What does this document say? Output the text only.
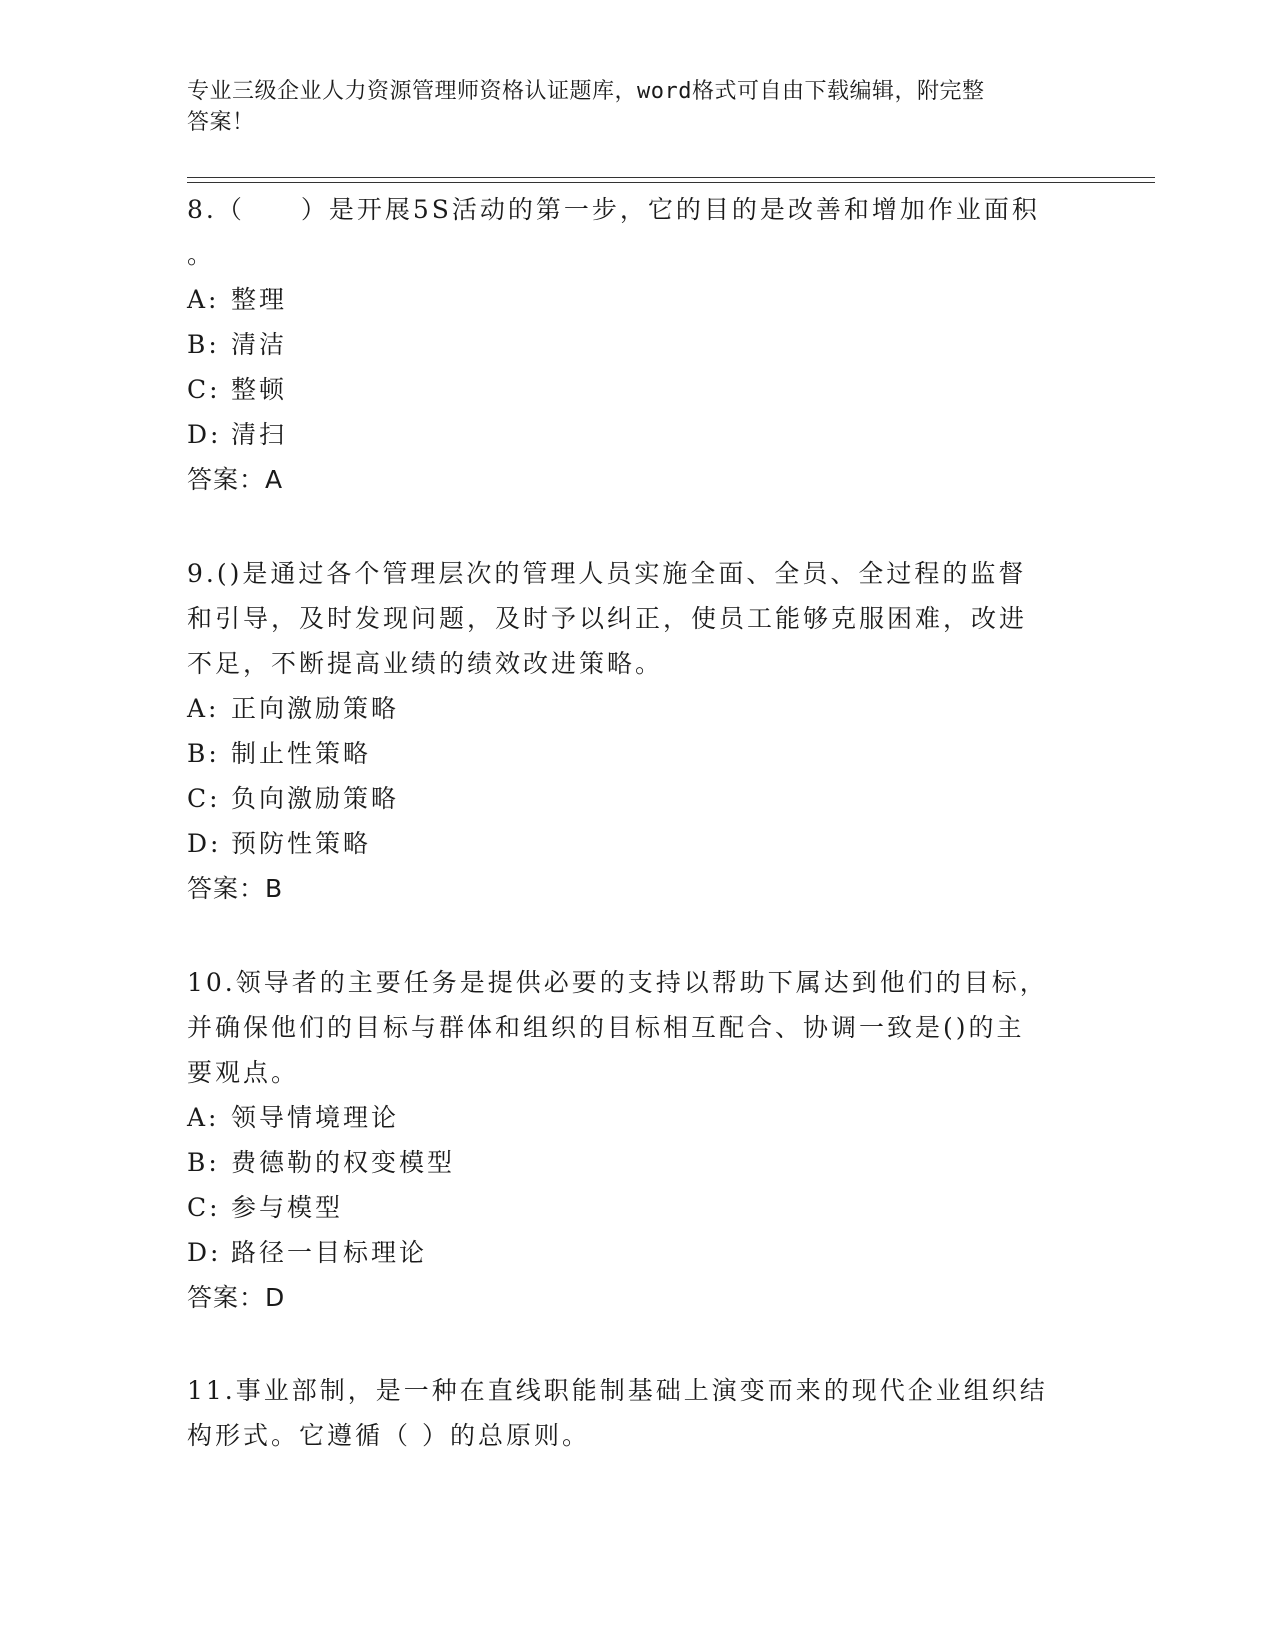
专业三级企业人力资源管理师资格认证题库，word格式可自由下载编辑，附完整
答案！

8.（　　）是开展5S活动的第一步，它的目的是改善和增加作业面积

。

A: 整理

B: 清洁

C: 整顿

D: 清扫

答案：A

9.()是通过各个管理层次的管理人员实施全面、全员、全过程的监督

和引导，及时发现问题，及时予以纠正，使员工能够克服困难，改进

不足，不断提高业绩的绩效改进策略。

A: 正向激励策略

B: 制止性策略

C: 负向激励策略

D: 预防性策略

答案：B

10.领导者的主要任务是提供必要的支持以帮助下属达到他们的目标，

并确保他们的目标与群体和组织的目标相互配合、协调一致是()的主

要观点。

A: 领导情境理论

B: 费德勒的权变模型

C: 参与模型

D: 路径一目标理论

答案：D

11.事业部制，是一种在直线职能制基础上演变而来的现代企业组织结

构形式。它遵循（ ）的总原则。
